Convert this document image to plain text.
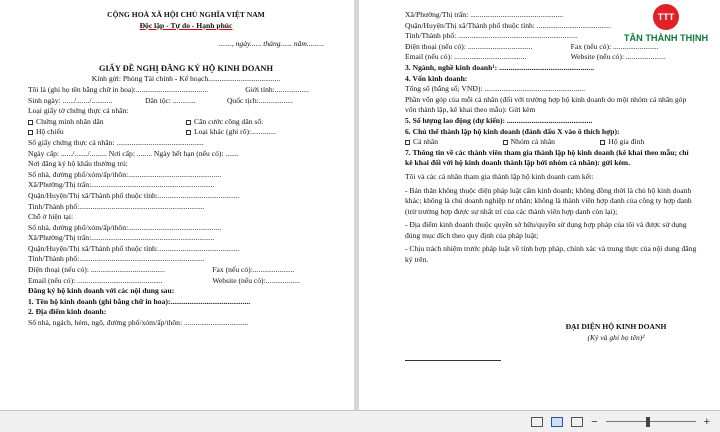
CỘNG HOÀ XÃ HỘI CHỦ NGHĨA VIỆT NAM
Độc lập - Tự do - Hạnh phúc
......., ngày...... tháng...... năm.........
GIẤY ĐỀ NGHỊ ĐĂNG KÝ HỘ KINH DOANH
Kính gửi: Phòng Tài chính - Kế hoạch......................................
Tôi là (ghi họ tên bằng chữ in hoa):......................................	Giới tính:..................
Sinh ngày: ....../......./...........	Dân tộc: ............	Quốc tịch:..................
Loại giấy tờ chứng thực cá nhân:
Chứng minh nhân dân	Căn cước công dân số:
Hộ chiếu	Loại khác (ghi rõ):.............
Số giấy chứng thực cá nhân: ..............................................
Ngày cấp: ....../......./......... Nơi cấp: ........ Ngày hết hạn (nếu có): .......
Nơi đăng ký hộ khẩu thường trú:
Số nhà, đường phố/xóm/ấp/thôn:.................................................
Xã/Phường/Thị trấn:.................................................................
Quận/Huyện/Thị xã/Thành phố thuộc tỉnh:...........................................
Tỉnh/Thành phố:..................................................................
Chỗ ở hiện tại:
Số nhà, đường phố/xóm/ấp/thôn:.................................................
Xã/Phường/Thị trấn:.................................................................
Quận/Huyện/Thị xã/Thành phố thuộc tỉnh:...........................................
Tỉnh/Thành phố:..................................................................
Điện thoại (nếu có): .......................................	Fax (nếu có):......................
Email (nếu có): .............................................	Website (nếu có):..................
Đăng ký hộ kinh doanh với các nội dung sau:
1. Tên hộ kinh doanh (ghi bằng chữ in hoa):..........................................
2. Địa điểm kinh doanh:
Số nhà, ngách, hẻm, ngõ, đường phố/xóm/ấp/thôn: ..................................
TTT
TÂN THÀNH THỊNH
Xã/Phường/Thị trấn: .................................................
Quận/Huyện/Thị xã/Thành phố thuộc tỉnh: .......................................
Tỉnh/Thành phố: ...............................................................
Điện thoại (nếu có): ..................................	Fax (nếu có): ........................
Email (nếu có): ......................................	Website (nếu có): .....................
3. Ngành, nghề kinh doanh¹: ..................................................
4. Vốn kinh doanh:
Tổng số (bằng số; VNĐ): .....................................................
Phần vốn góp của mỗi cá nhân (đối với trường hợp hộ kinh doanh do một nhóm cá nhân góp vốn thành lập, kê khai theo mẫu): Gửi kèm
5. Số lượng lao động (dự kiến): .............................................
6. Chủ thể thành lập hộ kinh doanh (đánh dấu X vào ô thích hợp):
Cá nhân	Nhóm cá nhân	Hộ gia đình
7. Thông tin về các thành viên tham gia thành lập hộ kinh doanh (kê khai theo mẫu; chỉ kê khai đối với hộ kinh doanh thành lập bởi nhóm cá nhân): gửi kèm.
Tôi và các cá nhân tham gia thành lập hộ kinh doanh cam kết:
- Bản thân không thuộc diện pháp luật cấm kinh doanh; không đồng thời là chủ hộ kinh doanh khác; không là chủ doanh nghiệp tư nhân; không là thành viên hợp danh của công ty hợp danh (trừ trường hợp được sự nhất trí của các thành viên hợp danh còn lại);
- Địa điểm kinh doanh thuộc quyền sở hữu/quyền sử dụng hợp pháp của tôi và được sử dụng đúng mục đích theo quy định của pháp luật;
- Chịu trách nhiệm trước pháp luật về tính hợp pháp, chính xác và trung thực của nội dung đăng ký trên.
ĐẠI DIỆN HỘ KINH DOANH
(Ký và ghi họ tên)²
−	+
